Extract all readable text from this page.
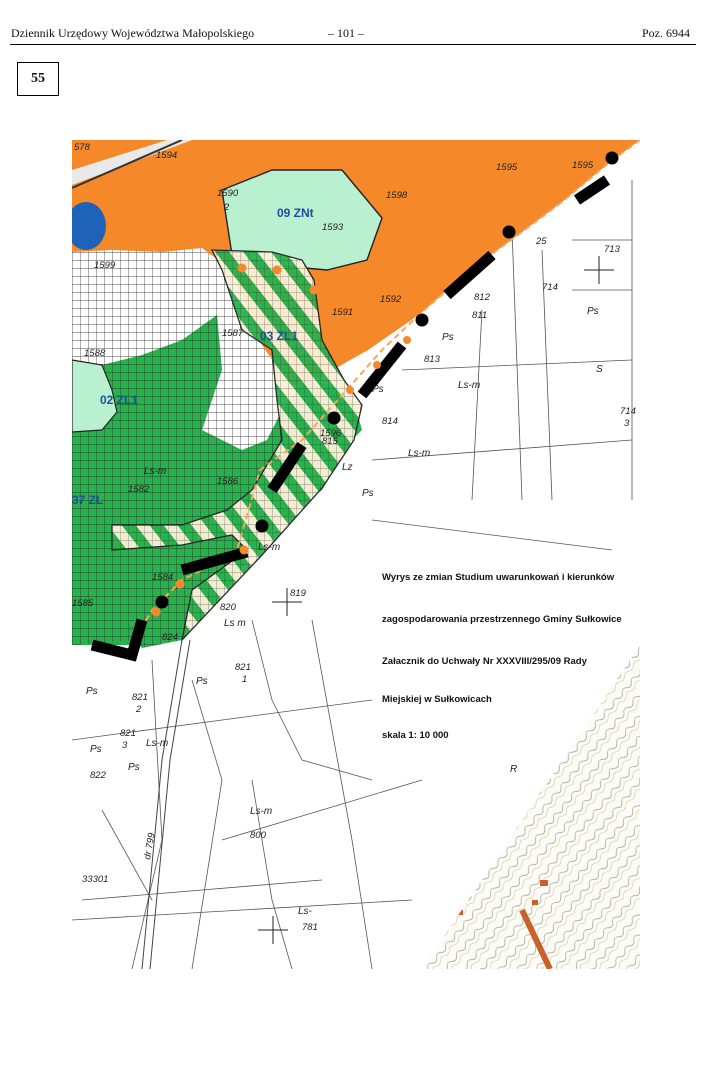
Dziennik Urzędowy Województwa Małopolskiego	– 101 –	Poz. 6944
55
09 ZNt
03 ZL1
02 ZL1
37 ZL
578
1594
1590
2
1598
1593
1599
1592
1591
1587
1588
1582
1586
1584
1585
1596
1595
713
714
714
3
811
812
813
814
815
819
820
821
1
821
2
821
3
822
824
800
781
25
1595
33301
dr 799
Ps
Ps
Ps
Ps
Ps
Ps
Ps
Ps
Ls-m
Ls-m
Ls m
Ls-m
Ls-m
Ls-m
Ls-m
Ls-
Lz
S
R
Wyrys ze zmian Studium uwarunkowań i kierunków
zagospodarowania przestrzennego Gminy Sułkowice
Załacznik do Uchwały Nr XXXVIII/295/09 Rady
Miejskiej w Sułkowicach
skala 1: 10 000
